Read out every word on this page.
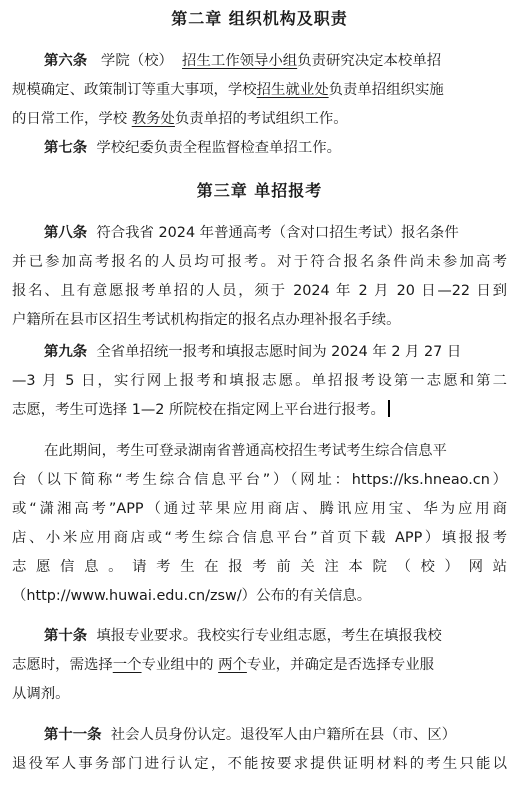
第二章 组织机构及职责
第六条 学院（校） 招生工作领导小组负责研究决定本校单招
规模确定、政策制订等重大事项，学校招生就业处负责单招组织实施
的日常工作，学校 教务处负责单招的考试组织工作。
第七条 学校纪委负责全程监督检查单招工作。
第三章 单招报考
第八条 符合我省 2024 年普通高考（含对口招生考试）报名条件
并已参加高考报名的人员均可报考。对于符合报名条件尚未参加高考
报名、且有意愿报考单招的人员，须于 2024 年 2 月 20 日—22 日到
户籍所在县市区招生考试机构指定的报名点办理补报名手续。
第九条 全省单招统一报考和填报志愿时间为 2024 年 2 月 27 日
—3 月 5 日，实行网上报考和填报志愿。单招报考设第一志愿和第二
志愿，考生可选择 1—2 所院校在指定网上平台进行报考。
在此期间，考生可登录湖南省普通高校招生考试考生综合信息平
台（以下简称“考生综合信息平台”）（网址：https://ks.hneao.cn）
或“潇湘高考”APP（通过苹果应用商店、腾讯应用宝、华为应用商
店、小米应用商店或“考生综合信息平台”首页下载 APP）填报报考
志愿信息。请考生在报考前关注本院（校）网站
（http://www.huwai.edu.cn/zsw/）公布的有关信息。
第十条 填报专业要求。我校实行专业组志愿，考生在填报我校
志愿时，需选择一个专业组中的 两个专业，并确定是否选择专业服
从调剂。
第十一条 社会人员身份认定。退役军人由户籍所在县（市、区）
退役军人事务部门进行认定，不能按要求提供证明材料的考生只能以
